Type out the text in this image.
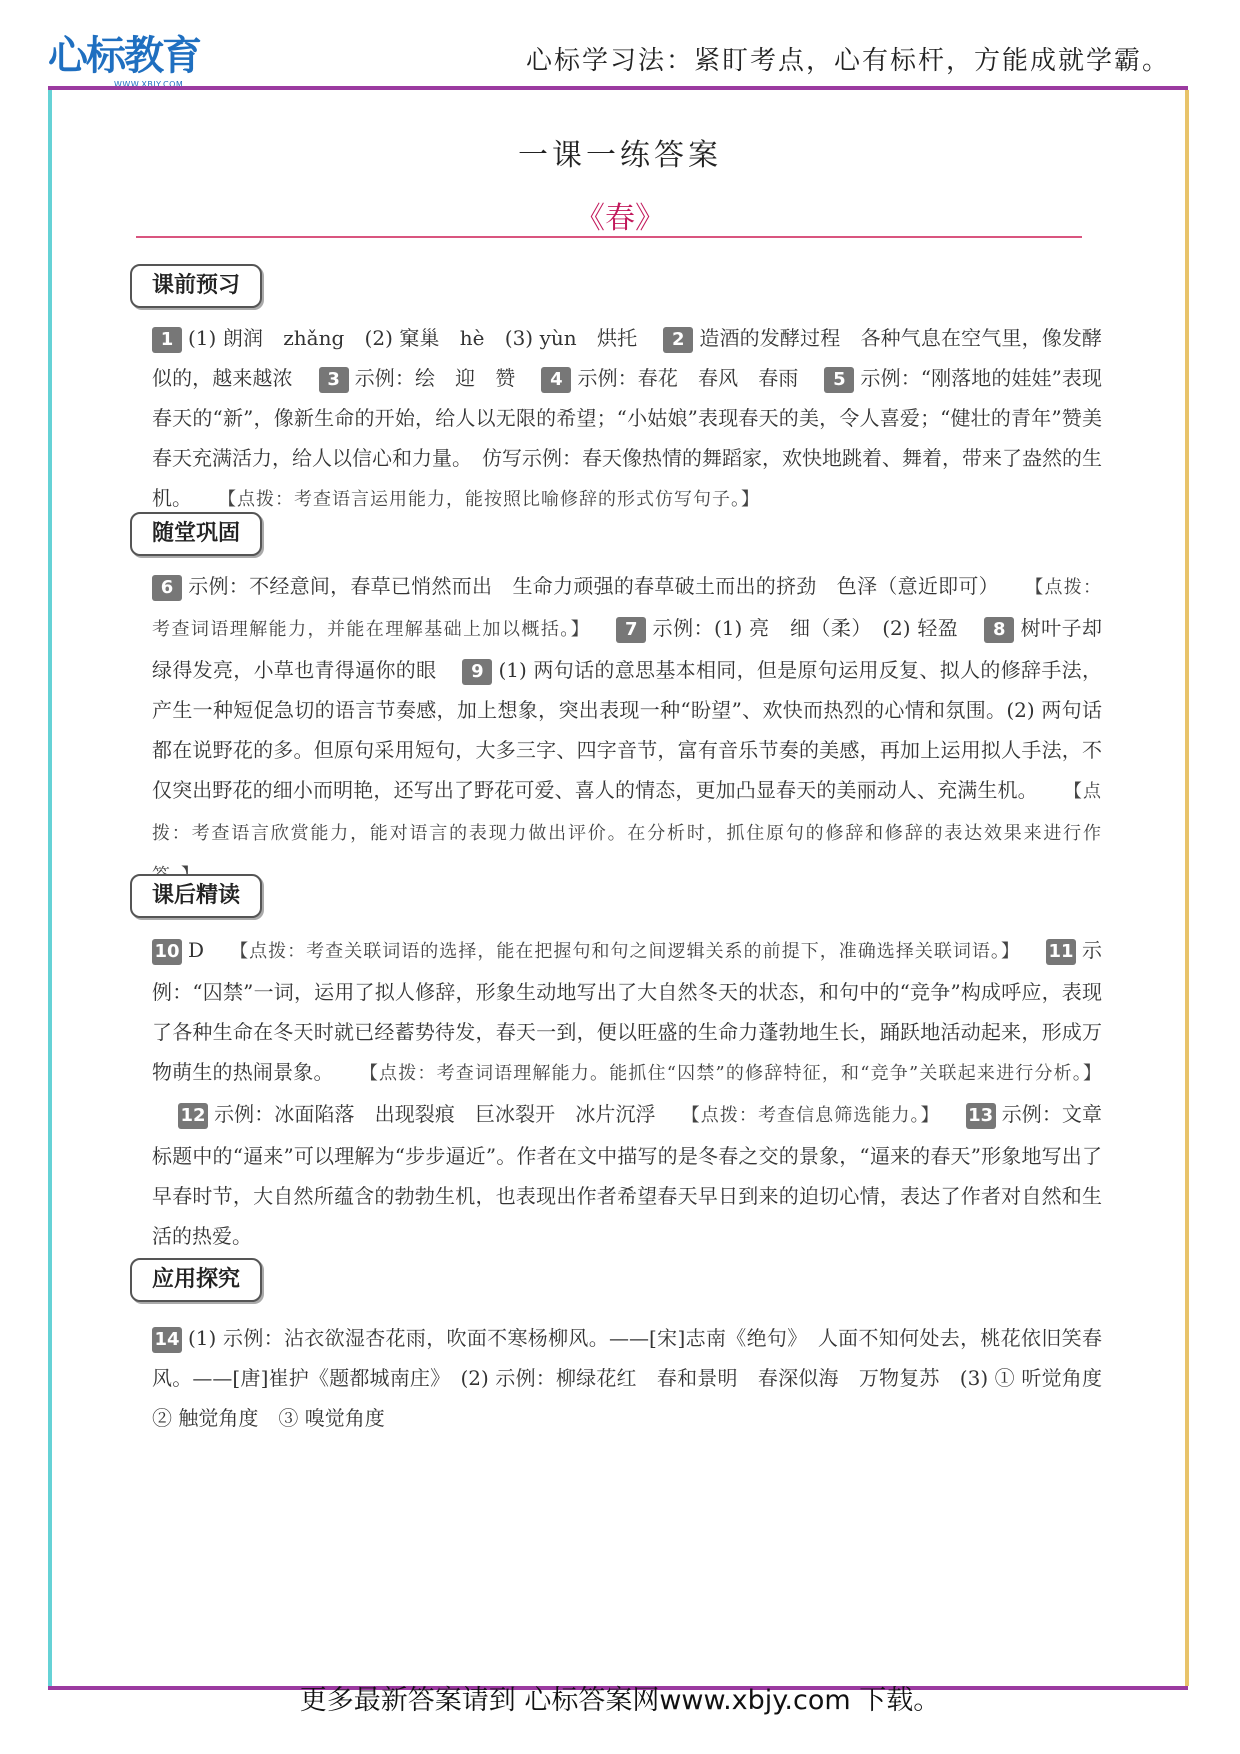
心标教育
WWW.XBJY.COM
心标学习法：紧盯考点，心有标杆，方能成就学霸。
一课一练答案
《春》
课前预习
1 (1) 朗润　zhǎng　(2) 窠巢　hè　(3) yùn　烘托 2 造酒的发酵过程　各种气息在空气里，像发酵似的，越来越浓 3 示例：绘　迎　赞 4 示例：春花　春风　春雨 5 示例：“刚落地的娃娃”表现春天的“新”，像新生命的开始，给人以无限的希望；“小姑娘”表现春天的美，令人喜爱；“健壮的青年”赞美春天充满活力，给人以信心和力量。　仿写示例：春天像热情的舞蹈家，欢快地跳着、舞着，带来了盎然的生机。 【点拨：考查语言运用能力，能按照比喻修辞的形式仿写句子。】
随堂巩固
6 示例：不经意间，春草已悄然而出　生命力顽强的春草破土而出的挤劲　色泽（意近即可） 【点拨：考查词语理解能力，并能在理解基础上加以概括。】 7 示例：(1) 亮　细（柔）　(2) 轻盈 8 树叶子却绿得发亮，小草也青得逼你的眼 9 (1) 两句话的意思基本相同，但是原句运用反复、拟人的修辞手法，产生一种短促急切的语言节奏感，加上想象，突出表现一种“盼望”、欢快而热烈的心情和氛围。(2) 两句话都在说野花的多。但原句采用短句，大多三字、四字音节，富有音乐节奏的美感，再加上运用拟人手法，不仅突出野花的细小而明艳，还写出了野花可爱、喜人的情态，更加凸显春天的美丽动人、充满生机。 【点拨：考查语言欣赏能力，能对语言的表现力做出评价。在分析时，抓住原句的修辞和修辞的表达效果来进行作
课后精读
10 D 【点拨：考查关联词语的选择，能在把握句和句之间逻辑关系的前提下，准确选择关联词语。】 11 示例：“囚禁”一词，运用了拟人修辞，形象生动地写出了大自然冬天的状态，和句中的“竞争”构成呼应，表现了各种生命在冬天时就已经蓄势待发，春天一到，便以旺盛的生命力蓬勃地生长，踊跃地活动起来，形成万物萌生的热闹景象。 【点拨：考查词语理解能力。能抓住“囚禁”的修辞特征，和“竞争”关联起来进行分析。】12 示例：冰面陷落　出现裂痕　巨冰裂开　冰片沉浮 【点拨：考查信息筛选能力。】 13 示例：文章标题中的“逼来”可以理解为“步步逼近”。作者在文中描写的是冬春之交的景象，“逼来的春天”形象地写出了早春时节，大自然所蕴含的勃勃生机，也表现出作者希望春天早日到来的迫切心情，表达了作者对自然和生活的热爱。
应用探究
14 (1) 示例：沾衣欲湿杏花雨，吹面不寒杨柳风。——[宋]志南《绝句》　人面不知何处去，桃花依旧笑春风。——[唐]崔护《题都城南庄》　(2) 示例：柳绿花红　春和景明　春深似海　万物复苏　(3) ① 听觉角度　② 触觉角度　③ 嗅觉角度
更多最新答案请到 心标答案网www.xbjy.com 下载。
